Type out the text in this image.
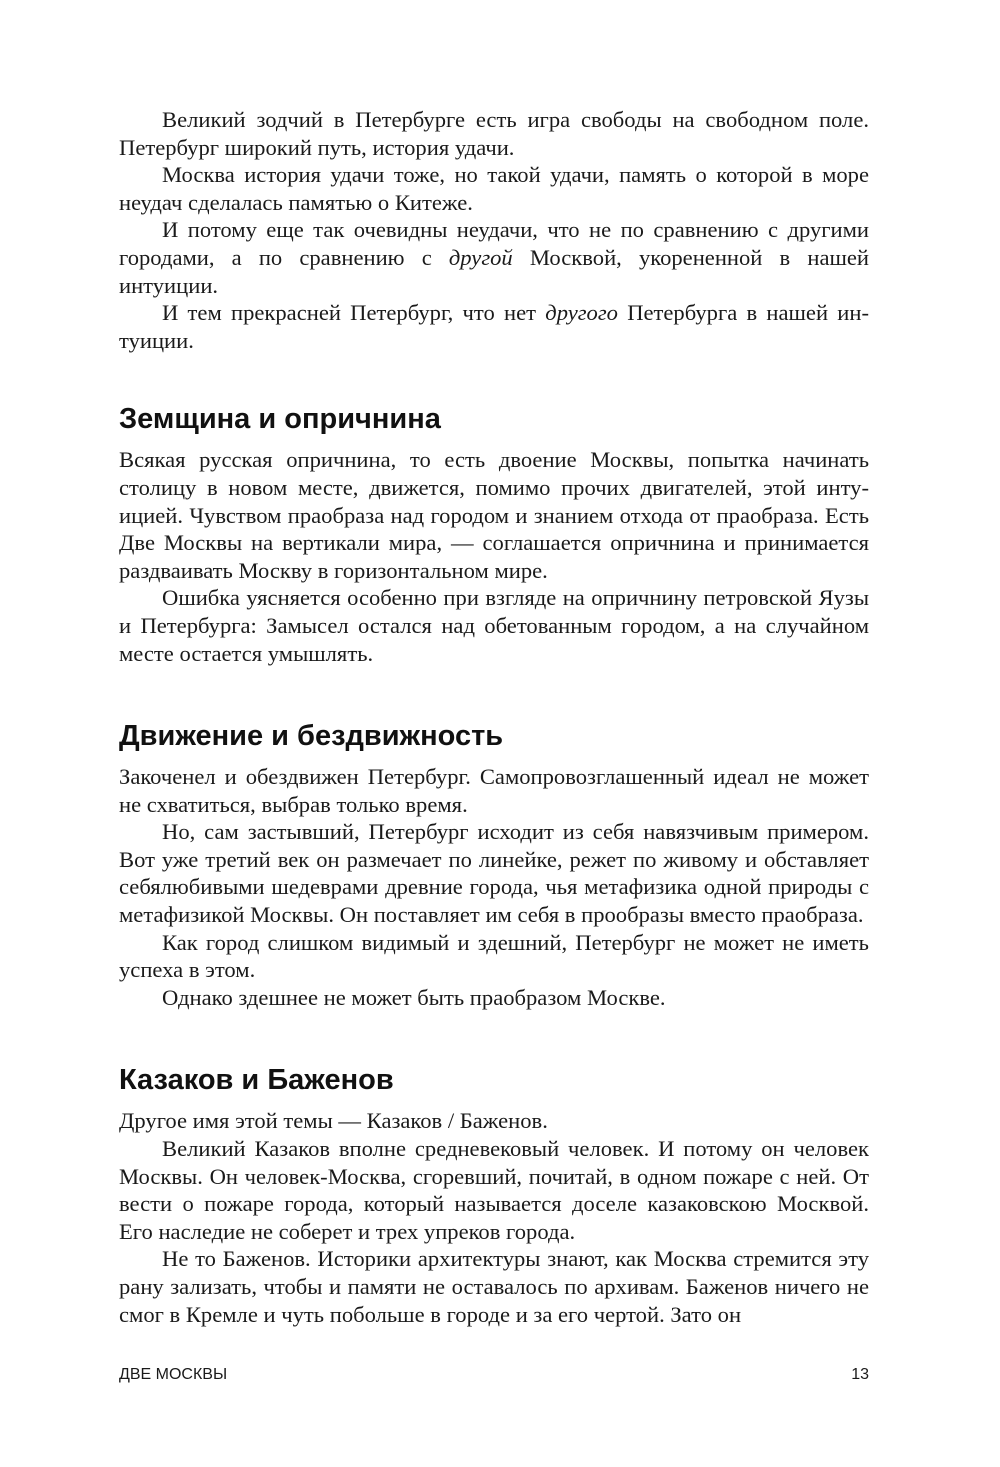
Великий зодчий в Петербурге есть игра свободы на свободном поле. Петербург широкий путь, история удачи.

Москва история удачи тоже, но такой удачи, память о которой в море неудач сделалась памятью о Китеже.

И потому еще так очевидны неудачи, что не по сравнению с другими городами, а по сравнению с другой Москвой, укорененной в нашей интуиции.

И тем прекрасней Петербург, что нет другого Петербурга в нашей интуиции.

Земщина и опричнина

Всякая русская опричнина, то есть двоение Москвы, попытка начинать столицу в новом месте, движется, помимо прочих двигателей, этой интуицией. Чувством праобраза над городом и знанием отхода от праобраза. Есть Две Москвы на вертикали мира, — соглашается опричнина и принимается раздваивать Москву в горизонтальном мире.

Ошибка уясняется особенно при взгляде на опричнину петровской Яузы и Петербурга: Замысел остался над обетованным городом, а на случайном месте остается умышлять.

Движение и бездвижность

Закоченел и обездвижен Петербург. Самопровозглашенный идеал не может не схватиться, выбрав только время.

Но, сам застывший, Петербург исходит из себя навязчивым примером. Вот уже третий век он размечает по линейке, режет по живому и обставляет себялюбивыми шедеврами древние города, чья метафизика одной природы с метафизикой Москвы. Он поставляет им себя в прообразы вместо праобраза.

Как город слишком видимый и здешний, Петербург не может не иметь успеха в этом.

Однако здешнее не может быть праобразом Москве.

Казаков и Баженов

Другое имя этой темы — Казаков / Баженов.

Великий Казаков вполне средневековый человек. И потому он человек Москвы. Он человек-Москва, сгоревший, почитай, в одном пожаре с ней. От вести о пожаре города, который называется доселе казаковскою Москвой. Его наследие не соберет и трех упреков города.

Не то Баженов. Историки архитектуры знают, как Москва стремится эту рану зализать, чтобы и памяти не оставалось по архивам. Баженов ничего не смог в Кремле и чуть побольше в городе и за его чертой. Зато он

ДВЕ МОСКВЫ	13
